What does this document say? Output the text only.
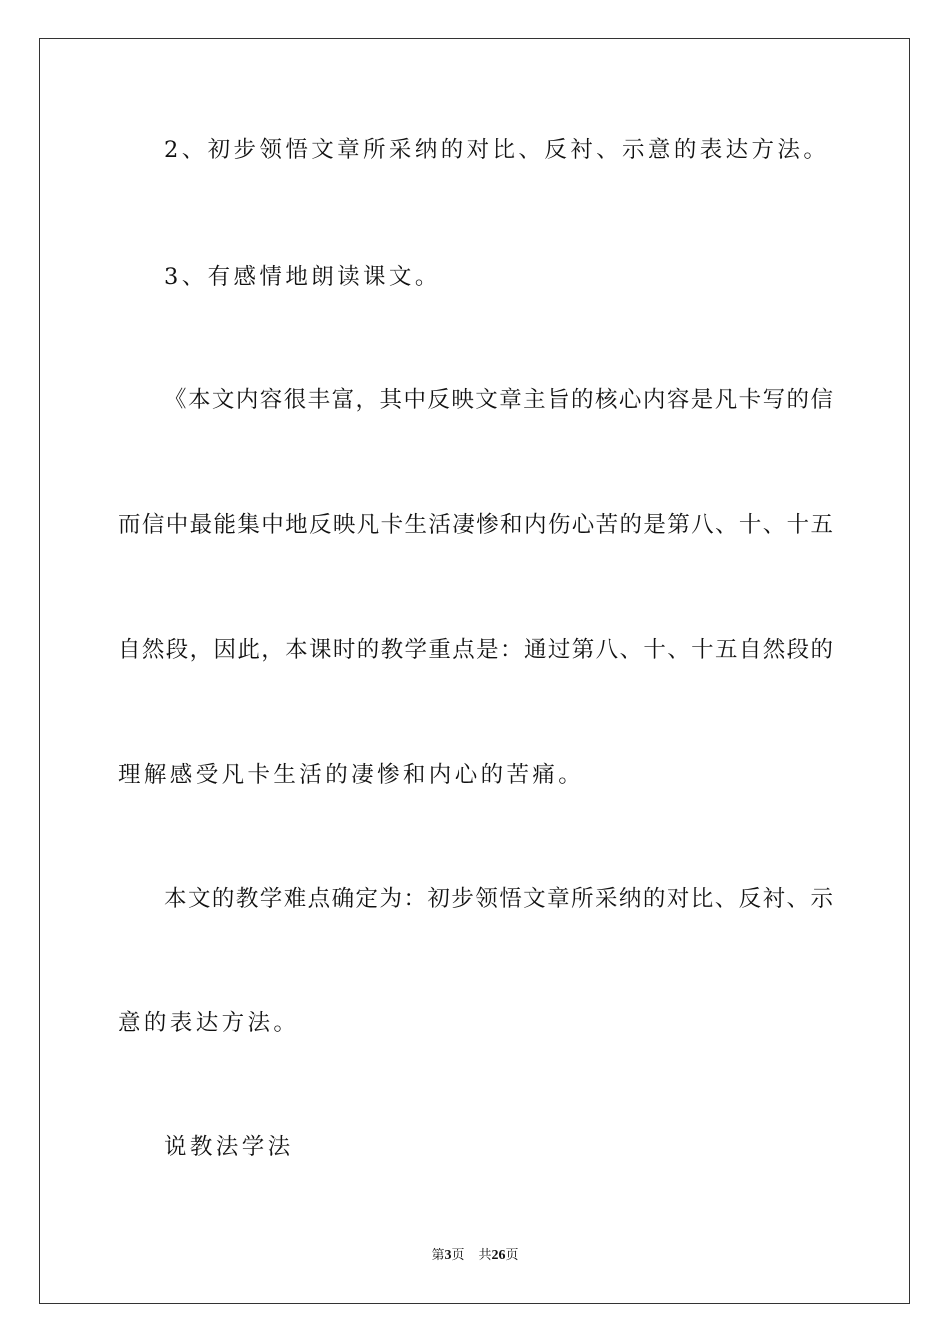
2、初步领悟文章所采纳的对比、反衬、示意的表达方法。
3、有感情地朗读课文。
《本文内容很丰富，其中反映文章主旨的核心内容是凡卡写的信
而信中最能集中地反映凡卡生活凄惨和内伤心苦的是第八、十、十五
自然段，因此，本课时的教学重点是：通过第八、十、十五自然段的
理解感受凡卡生活的凄惨和内心的苦痛。
本文的教学难点确定为：初步领悟文章所采纳的对比、反衬、示
意的表达方法。
说教法学法
第3页 共26页
